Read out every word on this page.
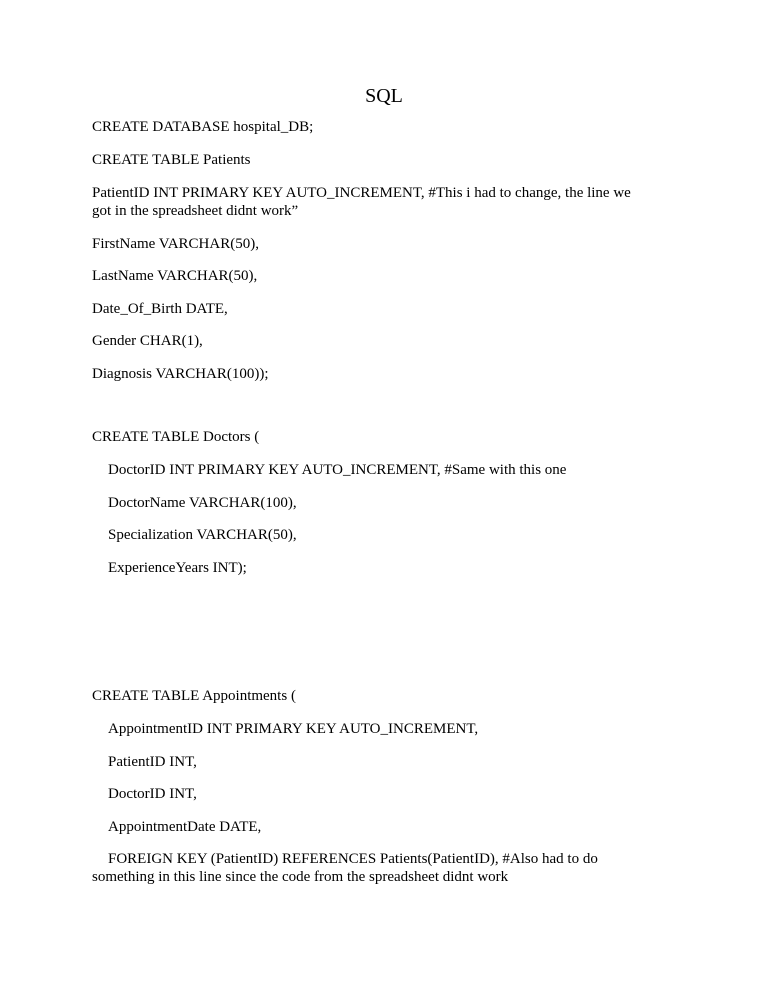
SQL

CREATE DATABASE hospital_DB;

CREATE TABLE Patients

PatientID INT PRIMARY KEY AUTO_INCREMENT, #This i had to change, the line we

got in the spreadsheet didnt work”

FirstName VARCHAR(50),

LastName VARCHAR(50),

Date_Of_Birth DATE,

Gender CHAR(1),

Diagnosis VARCHAR(100));

CREATE TABLE Doctors (

DoctorID INT PRIMARY KEY AUTO_INCREMENT, #Same with this one

DoctorName VARCHAR(100),

Specialization VARCHAR(50),

ExperienceYears INT);

CREATE TABLE Appointments (

AppointmentID INT PRIMARY KEY AUTO_INCREMENT,

PatientID INT,

DoctorID INT,

AppointmentDate DATE,

FOREIGN KEY (PatientID) REFERENCES Patients(PatientID), #Also had to do

something in this line since the code from the spreadsheet didnt work
